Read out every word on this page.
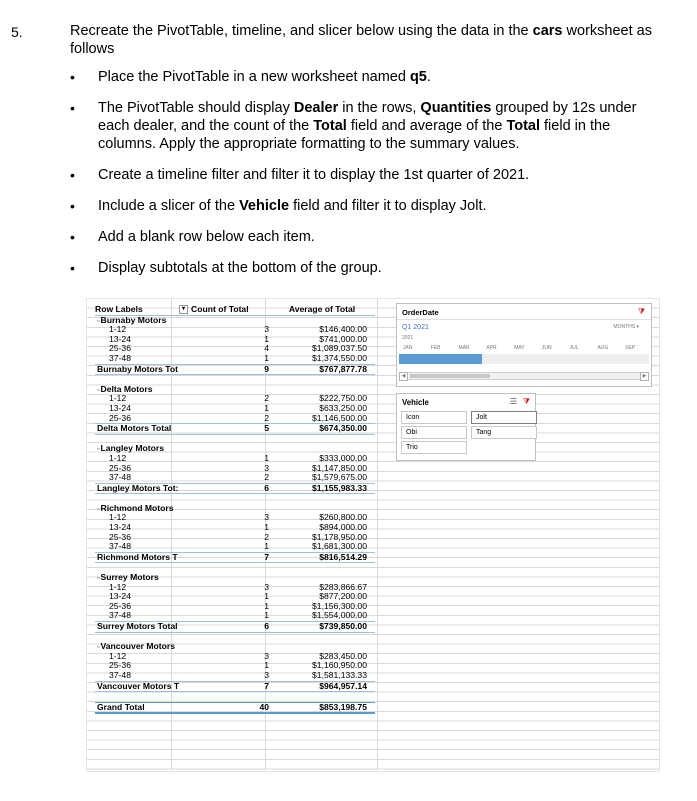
5.	Recreate the PivotTable, timeline, and slicer below using the data in the cars worksheet as follows
• Place the PivotTable in a new worksheet named q5.
• The PivotTable should display Dealer in the rows, Quantities grouped by 12s under each dealer, and the count of the Total field and average of the Total field in the columns. Apply the appropriate formatting to the summary values.
• Create a timeline filter and filter it to display the 1st quarter of 2021.
• Include a slicer of the Vehicle field and filter it to display Jolt.
• Add a blank row below each item.
• Display subtotals at the bottom of the group.
Row Labels	▾ Count of Total	Average of Total
▫Burnaby Motors
1-12	3	$146,400.00
13-24	1	$741,000.00
25-36	4	$1,089,037.50
37-48	1	$1,374,550.00
Burnaby Motors Tot	9	$767,877.78
▫Delta Motors
1-12	2	$222,750.00
13-24	1	$633,250.00
25-36	2	$1,146,500.00
Delta Motors Total	5	$674,350.00
▫Langley Motors
1-12	1	$333,000.00
25-36	3	$1,147,850.00
37-48	2	$1,579,675.00
Langley Motors Tot:	6	$1,155,983.33
▫Richmond Motors
1-12	3	$260,800.00
13-24	1	$894,000.00
25-36	2	$1,178,950.00
37-48	1	$1,681,300.00
Richmond Motors T	7	$816,514.29
▫Surrey Motors
1-12	3	$283,866.67
13-24	1	$877,200.00
25-36	1	$1,156,300.00
37-48	1	$1,554,000.00
Surrey Motors Total	6	$739,850.00
▫Vancouver Motors
1-12	3	$283,450.00
25-36	1	$1,160,950.00
37-48	3	$1,581,133.33
Vancouver Motors T	7	$964,957.14
Grand Total	40	$853,198.75
OrderDate	⧩
Q1 2021	MONTHS ▾
2021
JAN	FEB	MAR	APR	MAY	JUN	JUL	AUG	SEP
◀	▶
Vehicle	☰ ⧩
Icon	Jolt
Obi	Tang
Trio
